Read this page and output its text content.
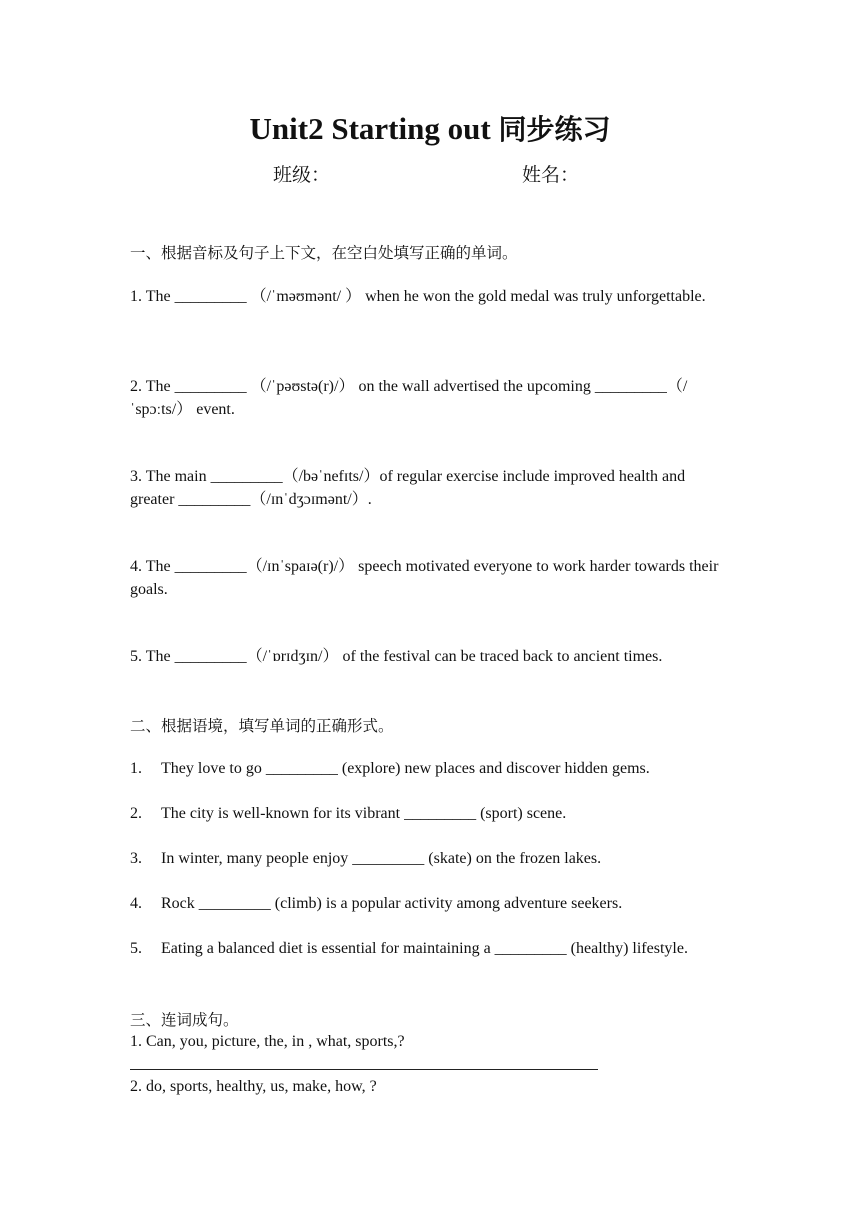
Unit2 Starting out 同步练习
班级：	姓名：
一、根据音标及句子上下文，在空白处填写正确的单词。
1. The _________ （/ˈməʊmənt/ ） when he won the gold medal was truly unforgettable.
2. The _________ （/ˈpəʊstə(r)/） on the wall advertised the upcoming _________（/ˈspɔːts/） event.
3. The main _________（/bəˈnefɪts/）of regular exercise include improved health and greater _________（/ɪnˈdʒɔɪmənt/）.
4. The _________（/ɪnˈspaɪə(r)/） speech motivated everyone to work harder towards their goals.
5. The _________（/ˈɒrɪdʒɪn/） of the festival can be traced back to ancient times.
二、根据语境，填写单词的正确形式。
1. They love to go _________ (explore) new places and discover hidden gems.
2. The city is well-known for its vibrant _________ (sport) scene.
3. In winter, many people enjoy _________ (skate) on the frozen lakes.
4. Rock _________ (climb) is a popular activity among adventure seekers.
5. Eating a balanced diet is essential for maintaining a _________ (healthy) lifestyle.
三、连词成句。
1. Can, you, picture, the, in , what, sports,?
2. do, sports, healthy, us, make, how, ?
